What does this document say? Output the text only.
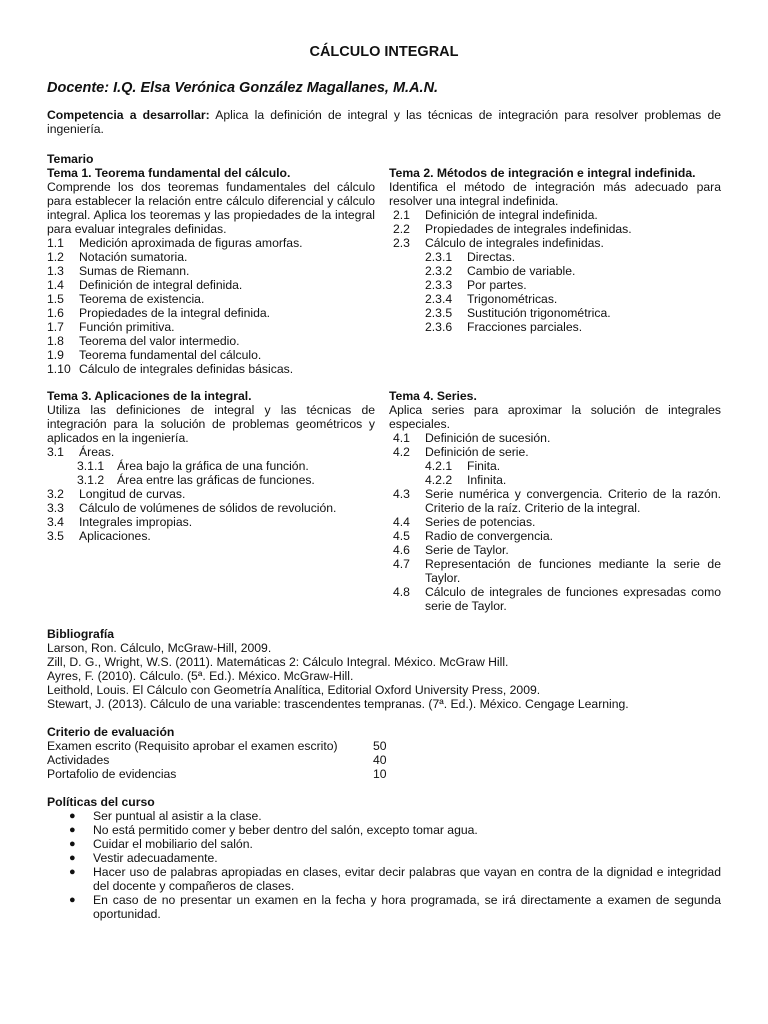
CÁLCULO INTEGRAL
Docente: I.Q. Elsa Verónica González Magallanes, M.A.N.
Competencia a desarrollar: Aplica la definición de integral y las técnicas de integración para resolver problemas de ingeniería.
Temario
Tema 1. Teorema fundamental del cálculo.
Comprende los dos teoremas fundamentales del cálculo para establecer la relación entre cálculo diferencial y cálculo integral. Aplica los teoremas y las propiedades de la integral para evaluar integrales definidas.
1.1	Medición aproximada de figuras amorfas.
1.2	Notación sumatoria.
1.3	Sumas de Riemann.
1.4	Definición de integral definida.
1.5	Teorema de existencia.
1.6	Propiedades de la integral definida.
1.7	Función primitiva.
1.8	Teorema del valor intermedio.
1.9	Teorema fundamental del cálculo.
1.10 Cálculo de integrales definidas básicas.
Tema 2. Métodos de integración e integral indefinida.
Identifica el método de integración más adecuado para resolver una integral indefinida.
2.1	Definición de integral indefinida.
2.2	Propiedades de integrales indefinidas.
2.3	Cálculo de integrales indefinidas.
2.3.1	Directas.
2.3.2	Cambio de variable.
2.3.3	Por partes.
2.3.4	Trigonométricas.
2.3.5	Sustitución trigonométrica.
2.3.6	Fracciones parciales.
Tema 3. Aplicaciones de la integral.
Utiliza las definiciones de integral y las técnicas de integración para la solución de problemas geométricos y aplicados en la ingeniería.
3.1	Áreas.
3.1.1	Área bajo la gráfica de una función.
3.1.2	Área entre las gráficas de funciones.
3.2	Longitud de curvas.
3.3	Cálculo de volúmenes de sólidos de revolución.
3.4	Integrales impropias.
3.5	Aplicaciones.
Tema 4. Series.
Aplica series para aproximar la solución de integrales especiales.
4.1	Definición de sucesión.
4.2	Definición de serie.
4.2.1	Finita.
4.2.2	Infinita.
4.3	Serie numérica y convergencia. Criterio de la razón. Criterio de la raíz. Criterio de la integral.
4.4	Series de potencias.
4.5	Radio de convergencia.
4.6	Serie de Taylor.
4.7	Representación de funciones mediante la serie de Taylor.
4.8	Cálculo de integrales de funciones expresadas como serie de Taylor.
Bibliografía
Larson, Ron. Cálculo, McGraw-Hill, 2009.
Zill, D. G., Wright, W.S. (2011). Matemáticas 2: Cálculo Integral. México. McGraw Hill.
Ayres, F. (2010). Cálculo. (5ª. Ed.). México. McGraw-Hill.
Leithold, Louis. El Cálculo con Geometría Analítica, Editorial Oxford University Press, 2009.
Stewart, J. (2013). Cálculo de una variable: trascendentes tempranas. (7ª. Ed.). México. Cengage Learning.
Criterio de evaluación
Examen escrito (Requisito aprobar el examen escrito)	50
Actividades	40
Portafolio de evidencias	10
Políticas del curso
●	Ser puntual al asistir a la clase.
●	No está permitido comer y beber dentro del salón, excepto tomar agua.
●	Cuidar el mobiliario del salón.
●	Vestir adecuadamente.
●	Hacer uso de palabras apropiadas en clases, evitar decir palabras que vayan en contra de la dignidad e integridad del docente y compañeros de clases.
●	En caso de no presentar un examen en la fecha y hora programada, se irá directamente a examen de segunda oportunidad.
